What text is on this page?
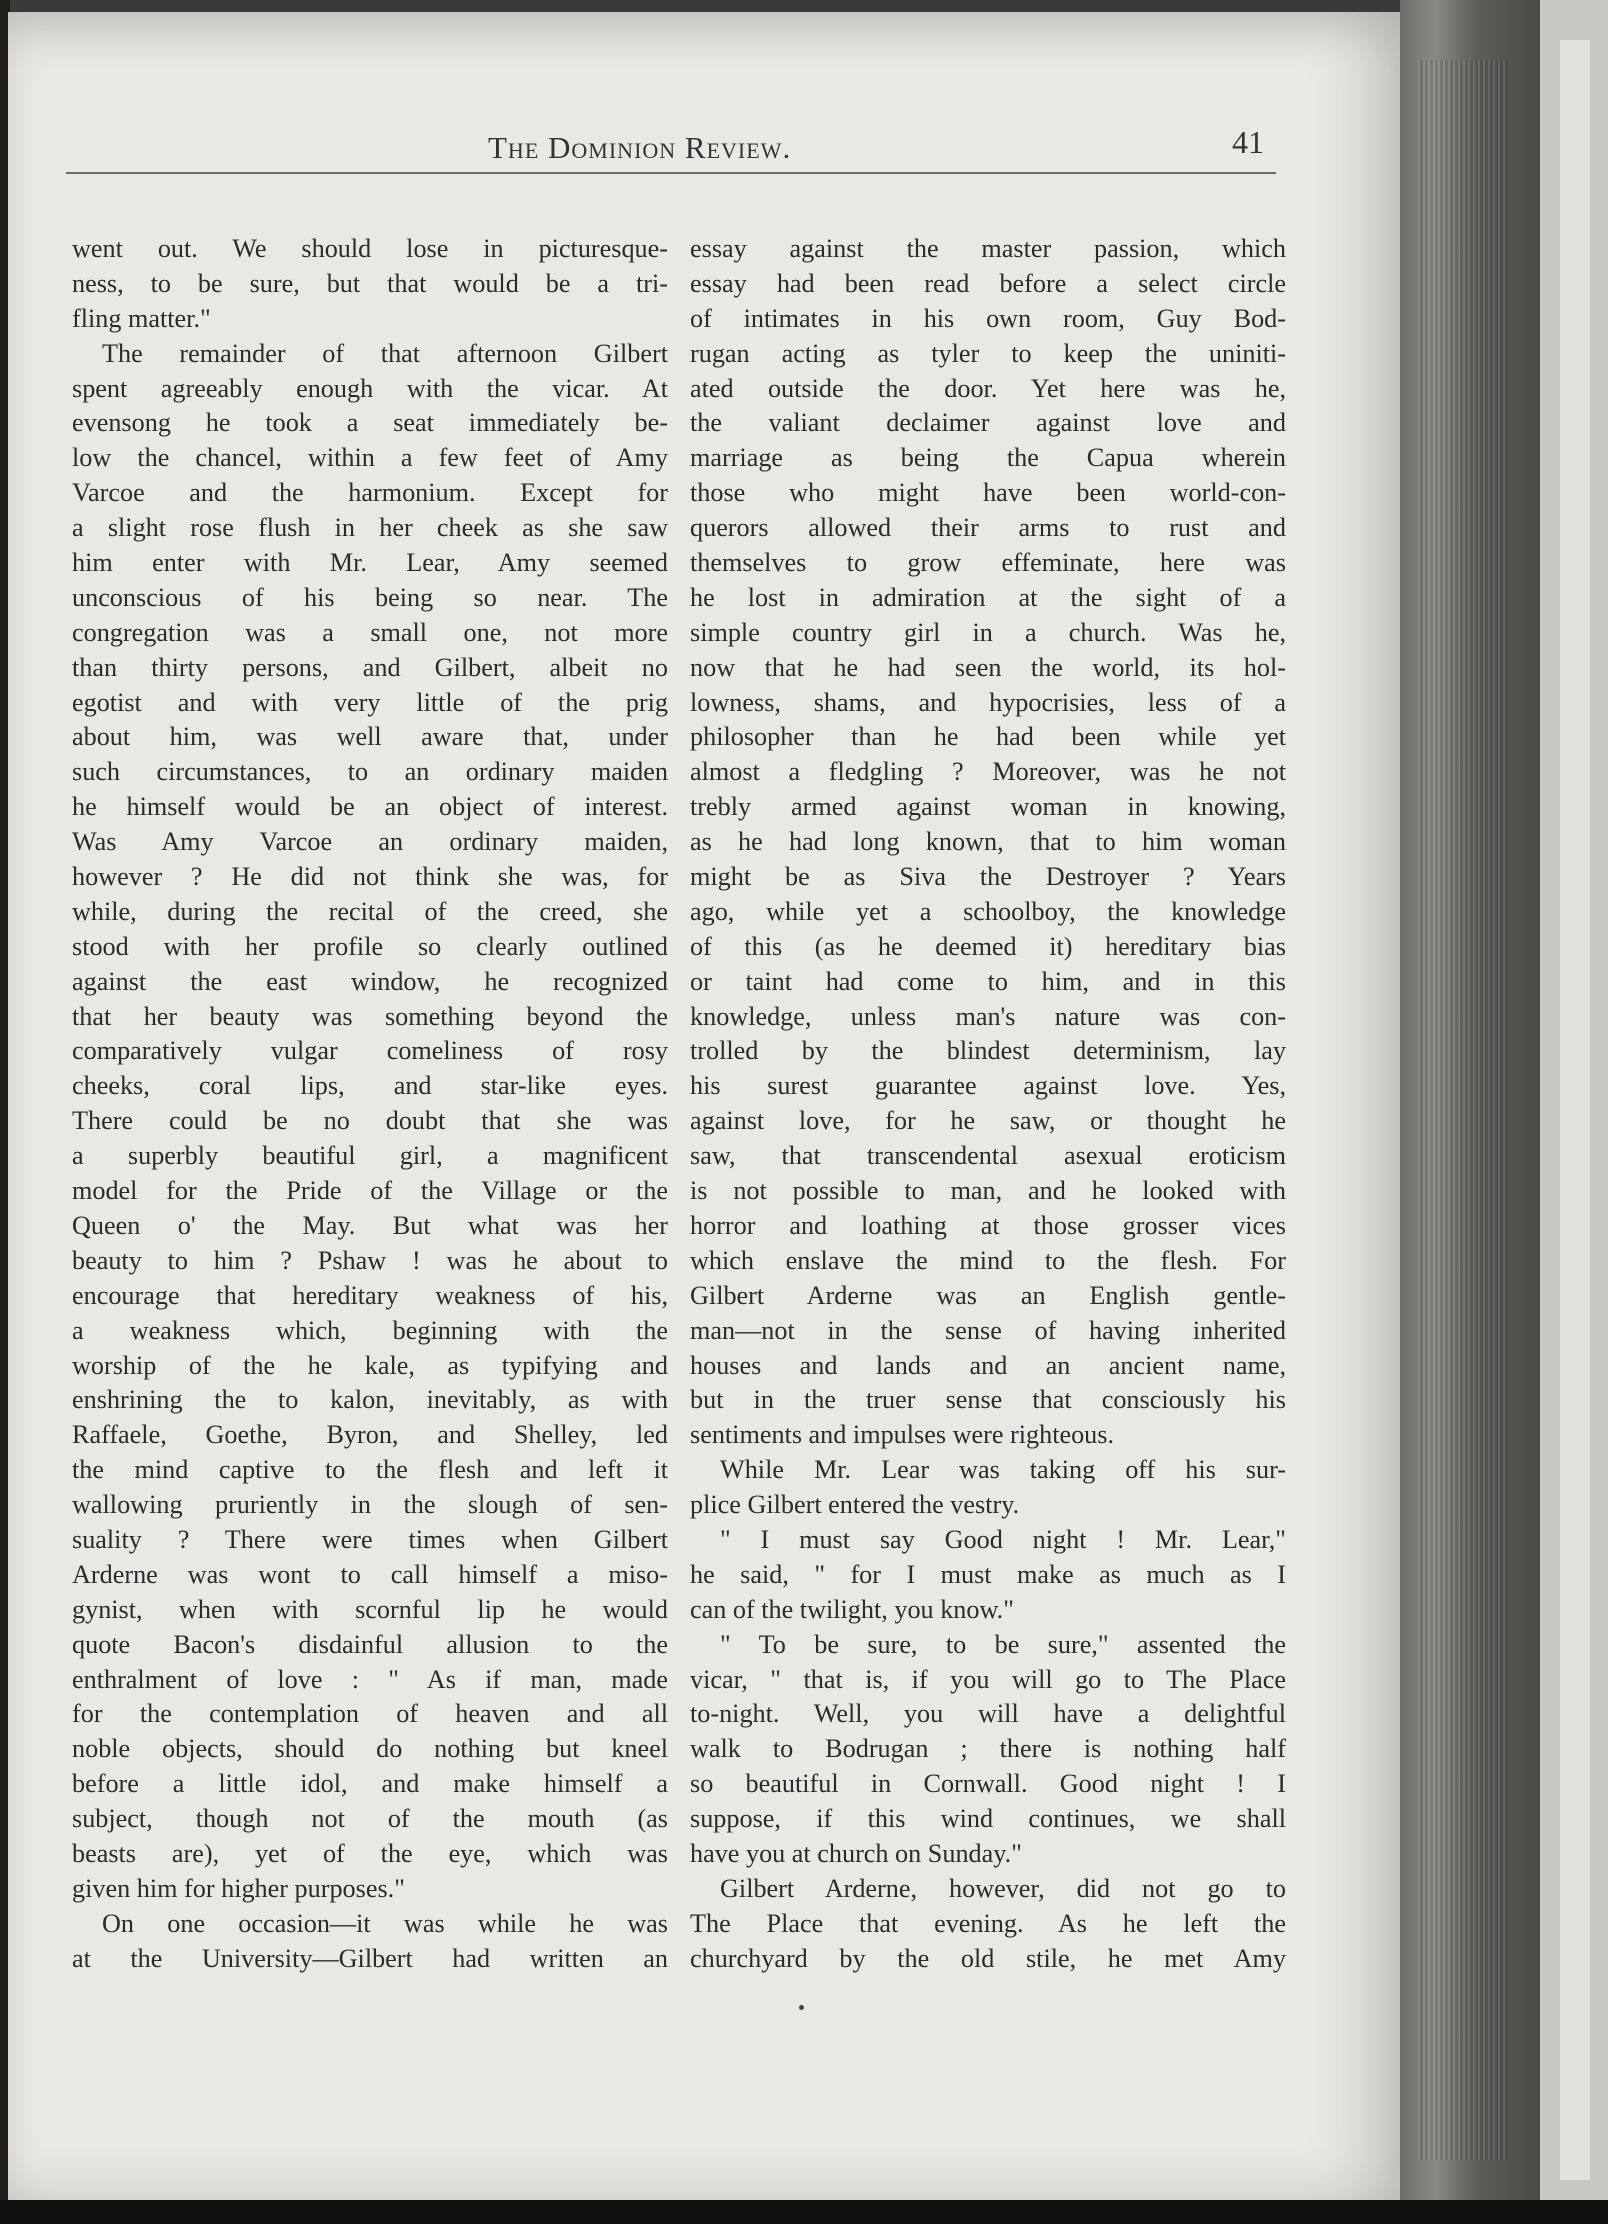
The Dominion Review.	41
went out. We should lose in picturesque-
ness, to be sure, but that would be a tri-
fling matter."
The remainder of that afternoon Gilbert
spent agreeably enough with the vicar. At
evensong he took a seat immediately be-
low the chancel, within a few feet of Amy
Varcoe and the harmonium. Except for
a slight rose flush in her cheek as she saw
him enter with Mr. Lear, Amy seemed
unconscious of his being so near. The
congregation was a small one, not more
than thirty persons, and Gilbert, albeit no
egotist and with very little of the prig
about him, was well aware that, under
such circumstances, to an ordinary maiden
he himself would be an object of interest.
Was Amy Varcoe an ordinary maiden,
however ? He did not think she was, for
while, during the recital of the creed, she
stood with her profile so clearly outlined
against the east window, he recognized
that her beauty was something beyond the
comparatively vulgar comeliness of rosy
cheeks, coral lips, and star-like eyes.
There could be no doubt that she was
a superbly beautiful girl, a magnificent
model for the Pride of the Village or the
Queen o' the May. But what was her
beauty to him ? Pshaw ! was he about to
encourage that hereditary weakness of his,
a weakness which, beginning with the
worship of the he kale, as typifying and
enshrining the to kalon, inevitably, as with
Raffaele, Goethe, Byron, and Shelley, led
the mind captive to the flesh and left it
wallowing pruriently in the slough of sen-
suality ? There were times when Gilbert
Arderne was wont to call himself a miso-
gynist, when with scornful lip he would
quote Bacon's disdainful allusion to the
enthralment of love : " As if man, made
for the contemplation of heaven and all
noble objects, should do nothing but kneel
before a little idol, and make himself a
subject, though not of the mouth (as
beasts are), yet of the eye, which was
given him for higher purposes."
On one occasion—it was while he was
at the University—Gilbert had written an
essay against the master passion, which
essay had been read before a select circle
of intimates in his own room, Guy Bod-
rugan acting as tyler to keep the uniniti-
ated outside the door. Yet here was he,
the valiant declaimer against love and
marriage as being the Capua wherein
those who might have been world-con-
querors allowed their arms to rust and
themselves to grow effeminate, here was
he lost in admiration at the sight of a
simple country girl in a church. Was he,
now that he had seen the world, its hol-
lowness, shams, and hypocrisies, less of a
philosopher than he had been while yet
almost a fledgling ? Moreover, was he not
trebly armed against woman in knowing,
as he had long known, that to him woman
might be as Siva the Destroyer ? Years
ago, while yet a schoolboy, the knowledge
of this (as he deemed it) hereditary bias
or taint had come to him, and in this
knowledge, unless man's nature was con-
trolled by the blindest determinism, lay
his surest guarantee against love. Yes,
against love, for he saw, or thought he
saw, that transcendental asexual eroticism
is not possible to man, and he looked with
horror and loathing at those grosser vices
which enslave the mind to the flesh. For
Gilbert Arderne was an English gentle-
man—not in the sense of having inherited
houses and lands and an ancient name,
but in the truer sense that consciously his
sentiments and impulses were righteous.
While Mr. Lear was taking off his sur-
plice Gilbert entered the vestry.
" I must say Good night ! Mr. Lear,"
he said, " for I must make as much as I
can of the twilight, you know."
" To be sure, to be sure," assented the
vicar, " that is, if you will go to The Place
to-night. Well, you will have a delightful
walk to Bodrugan ; there is nothing half
so beautiful in Cornwall. Good night ! I
suppose, if this wind continues, we shall
have you at church on Sunday."
Gilbert Arderne, however, did not go to
The Place that evening. As he left the
churchyard by the old stile, he met Amy
